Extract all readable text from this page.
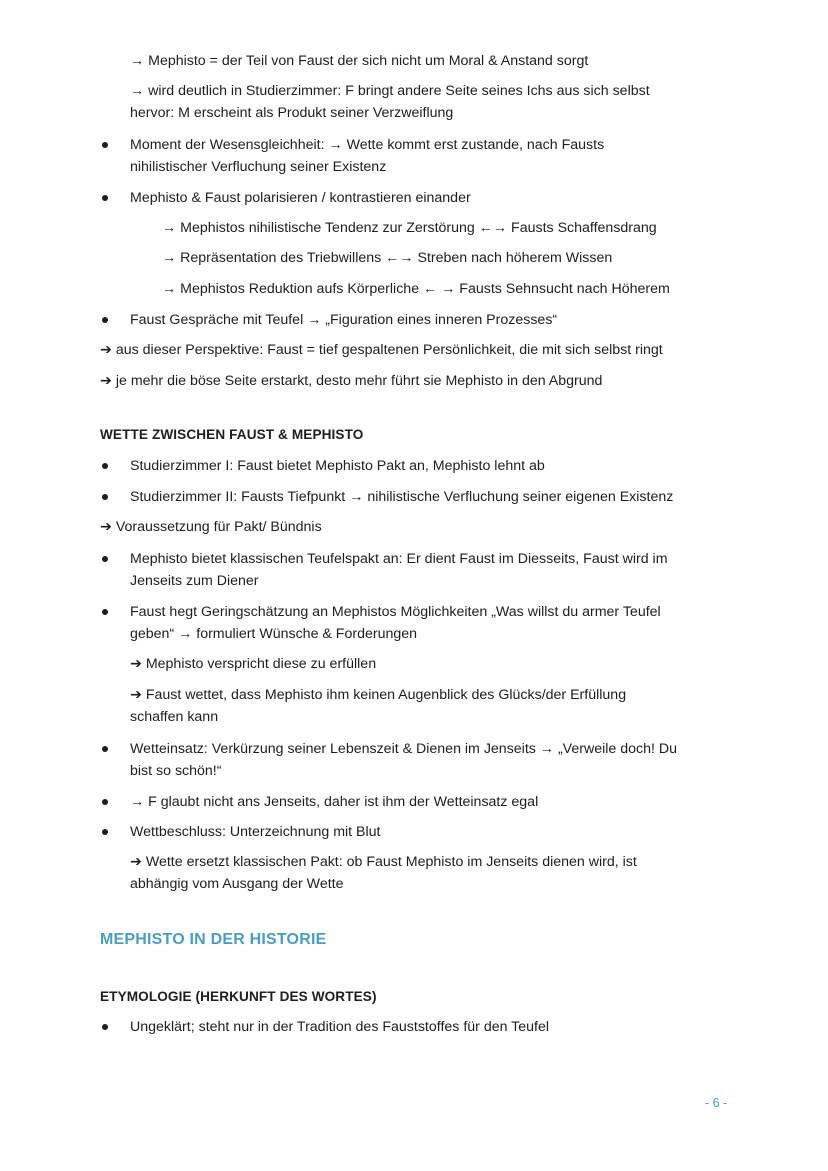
→ Mephisto = der Teil von Faust der sich nicht um Moral & Anstand sorgt
→ wird deutlich in Studierzimmer: F bringt andere Seite seines Ichs aus sich selbst
hervor: M erscheint als Produkt seiner Verzweiflung
Moment der Wesensgleichheit: → Wette kommt erst zustande, nach Fausts
nihilistischer Verfluchung seiner Existenz
Mephisto & Faust polarisieren / kontrastieren einander
→ Mephistos nihilistische Tendenz zur Zerstörung ←→ Fausts Schaffensdrang
→ Repräsentation des Triebwillens ←→ Streben nach höherem Wissen
→ Mephistos Reduktion aufs Körperliche ← → Fausts Sehnsucht nach Höherem
Faust Gespräche mit Teufel → „Figuration eines inneren Prozesses“
➔ aus dieser Perspektive: Faust = tief gespaltenen Persönlichkeit, die mit sich selbst ringt
➔ je mehr die böse Seite erstarkt, desto mehr führt sie Mephisto in den Abgrund
WETTE ZWISCHEN FAUST & MEPHISTO
Studierzimmer I: Faust bietet Mephisto Pakt an, Mephisto lehnt ab
Studierzimmer II: Fausts Tiefpunkt → nihilistische Verfluchung seiner eigenen Existenz
➔ Voraussetzung für Pakt/ Bündnis
Mephisto bietet klassischen Teufelspakt an: Er dient Faust im Diesseits, Faust wird im
Jenseits zum Diener
Faust hegt Geringschätzung an Mephistos Möglichkeiten „Was willst du armer Teufel
geben“ → formuliert Wünsche & Forderungen
➔ Mephisto verspricht diese zu erfüllen
➔ Faust wettet, dass Mephisto ihm keinen Augenblick des Glücks/der Erfüllung
schaffen kann
Wetteinsatz: Verkürzung seiner Lebenszeit & Dienen im Jenseits → „Verweile doch! Du
bist so schön!“
→ F glaubt nicht ans Jenseits, daher ist ihm der Wetteinsatz egal
Wettbeschluss: Unterzeichnung mit Blut
➔ Wette ersetzt klassischen Pakt: ob Faust Mephisto im Jenseits dienen wird, ist
abhängig vom Ausgang der Wette
MEPHISTO IN DER HISTORIE
ETYMOLOGIE (HERKUNFT DES WORTES)
Ungeklärt; steht nur in der Tradition des Fauststoffes für den Teufel
- 6 -
